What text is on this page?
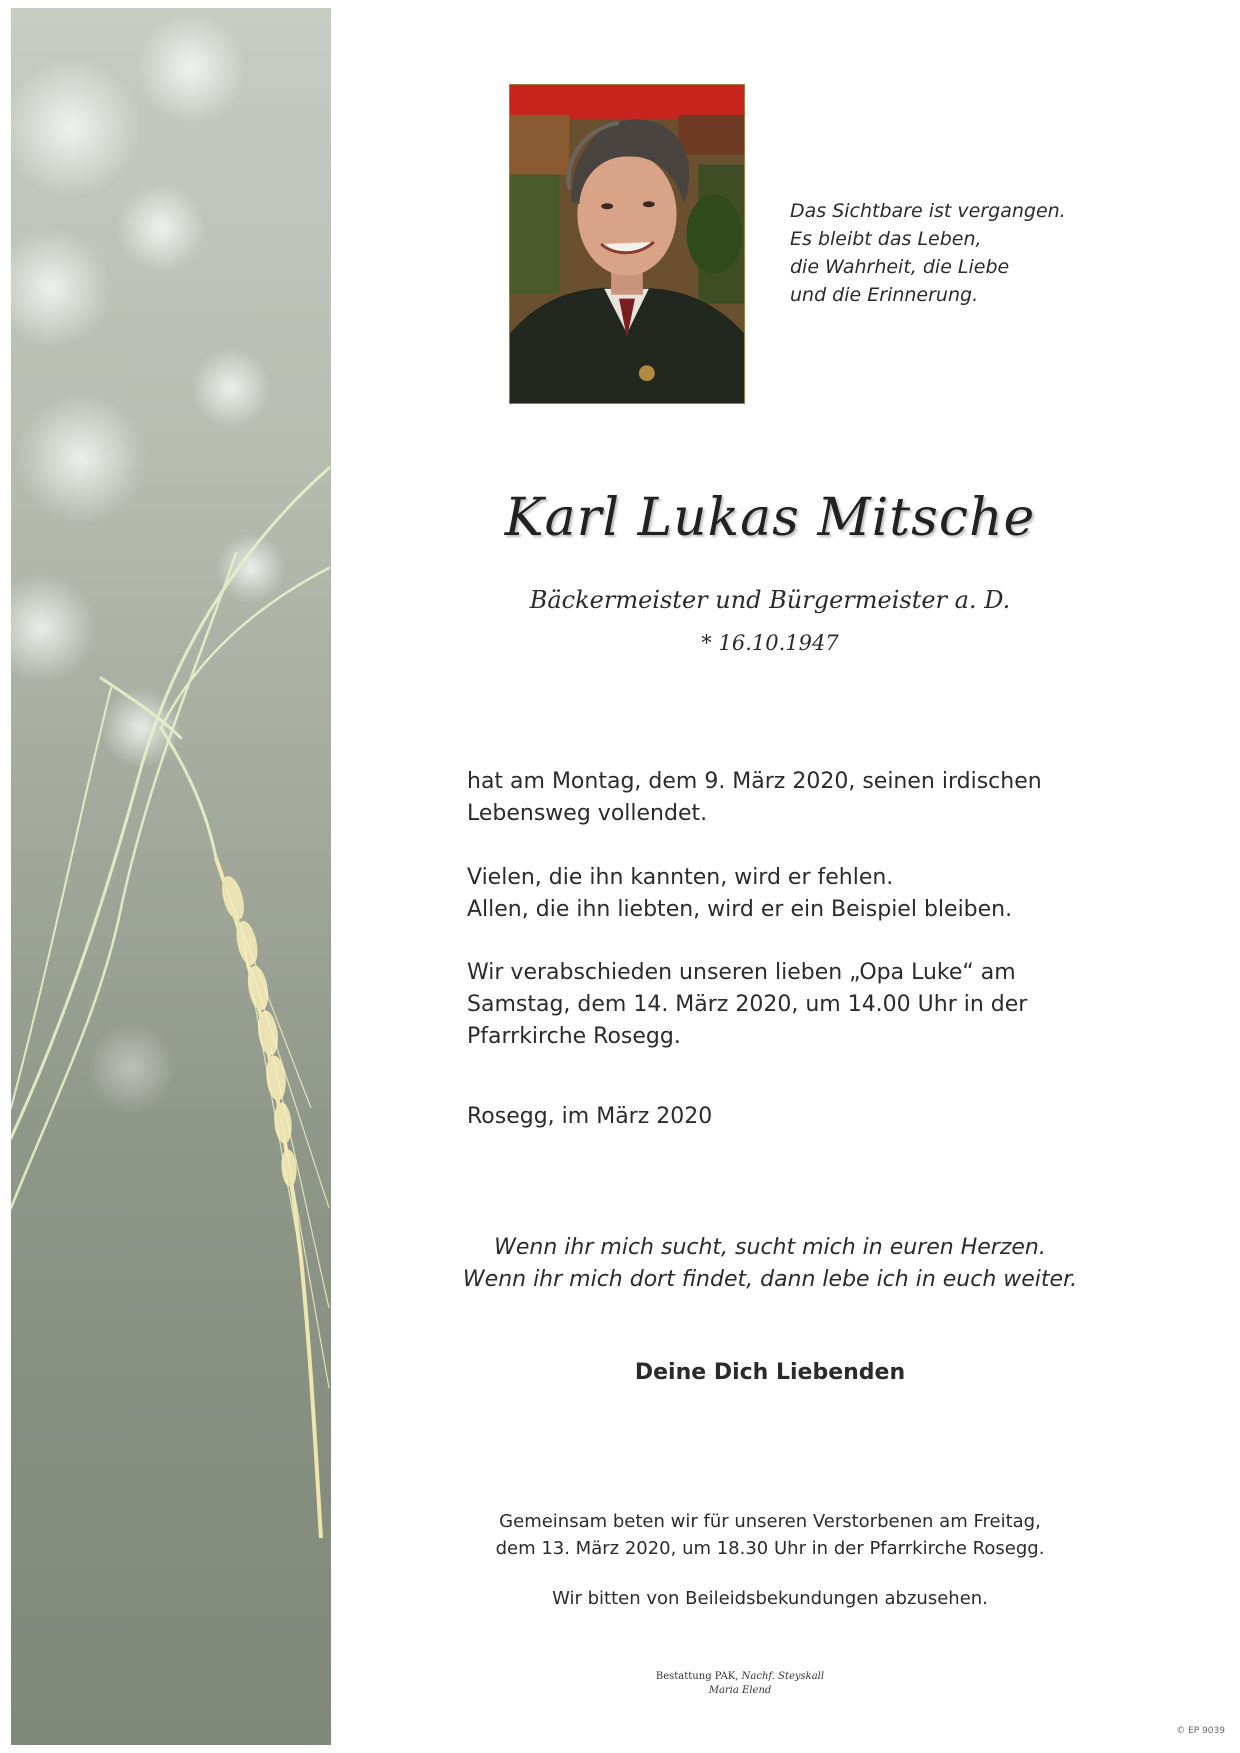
Das Sichtbare ist vergangen.
Es bleibt das Leben,
die Wahrheit, die Liebe
und die Erinnerung.
Karl Lukas Mitsche
Bäckermeister und Bürgermeister a. D.
* 16.10.1947
hat am Montag, dem 9. März 2020, seinen irdischen
Lebensweg vollendet.
Vielen, die ihn kannten, wird er fehlen.
Allen, die ihn liebten, wird er ein Beispiel bleiben.
Wir verabschieden unseren lieben „Opa Luke“ am
Samstag, dem 14. März 2020, um 14.00 Uhr in der
Pfarrkirche Rosegg.
Rosegg, im März 2020
Wenn ihr mich sucht, sucht mich in euren Herzen.
Wenn ihr mich dort findet, dann lebe ich in euch weiter.
Deine Dich Liebenden
Gemeinsam beten wir für unseren Verstorbenen am Freitag,
dem 13. März 2020, um 18.30 Uhr in der Pfarrkirche Rosegg.
Wir bitten von Beileidsbekundungen abzusehen.
Bestattung PAK, Nachf. Steyskall
Maria Elend
© EP 9039
